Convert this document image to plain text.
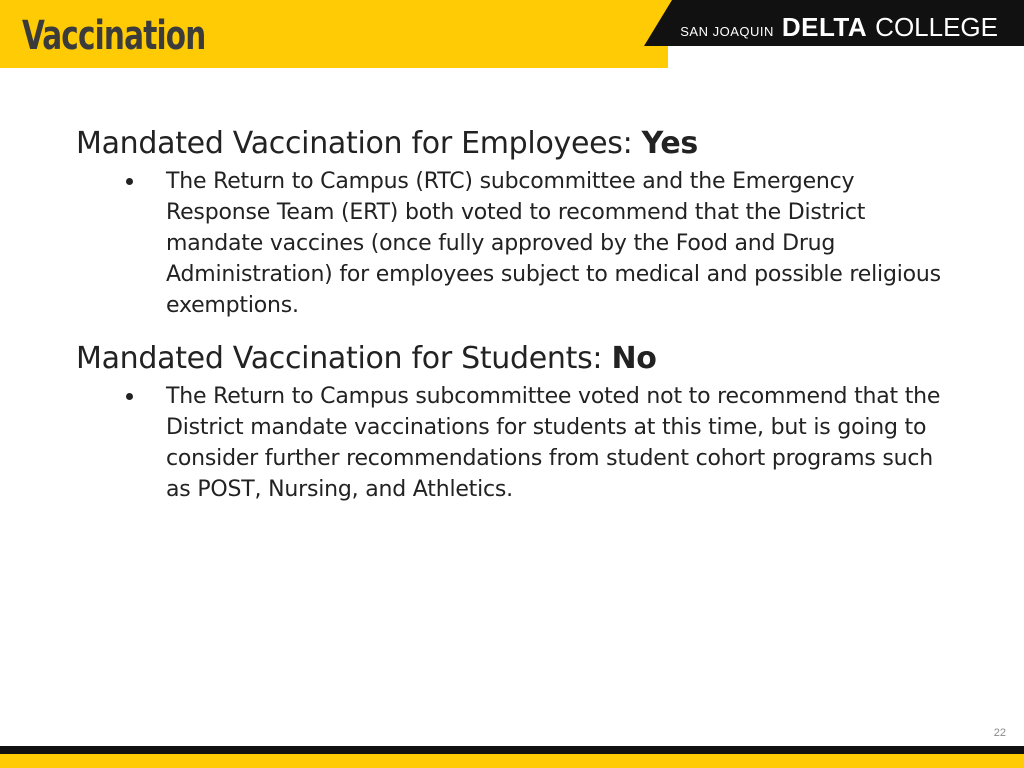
Vaccination	SAN JOAQUIN DELTA COLLEGE
Mandated Vaccination for Employees: Yes
The Return to Campus (RTC) subcommittee and the Emergency Response Team (ERT) both voted to recommend that the District mandate vaccines (once fully approved by the Food and Drug Administration) for employees subject to medical and possible religious exemptions.
Mandated Vaccination for Students: No
The Return to Campus subcommittee voted not to recommend that the District mandate vaccinations for students at this time, but is going to consider further recommendations from student cohort programs such as POST, Nursing, and Athletics.
22
